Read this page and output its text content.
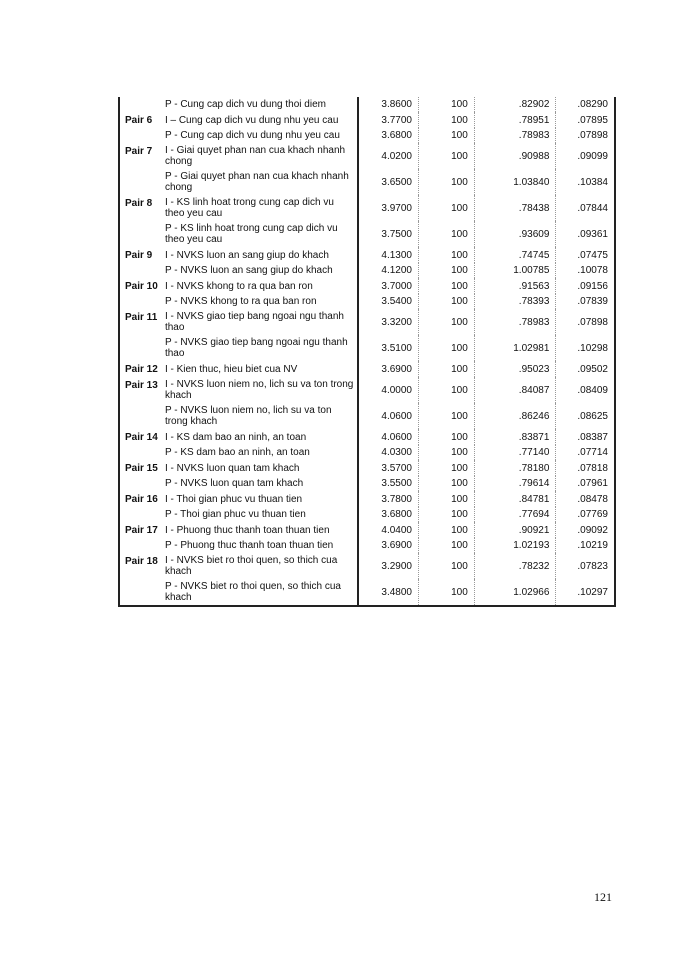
	P - Cung cap dich vu dung thoi diem	3.8600	100	.82902	.08290
Pair 6	I – Cung cap dich vu dung nhu yeu cau	3.7700	100	.78951	.07895
	P - Cung cap dich vu dung nhu yeu cau	3.6800	100	.78983	.07898
Pair 7	I - Giai quyet phan nan cua khach nhanh chong	4.0200	100	.90988	.09099
	P - Giai quyet phan nan cua khach nhanh chong	3.6500	100	1.03840	.10384
Pair 8	I - KS linh hoat trong cung cap dich vu theo yeu cau	3.9700	100	.78438	.07844
	P - KS linh hoat trong cung cap dich vu theo yeu cau	3.7500	100	.93609	.09361
Pair 9	I - NVKS luon an sang giup do khach	4.1300	100	.74745	.07475
	P - NVKS luon an sang giup do khach	4.1200	100	1.00785	.10078
Pair 10	I - NVKS khong to ra qua ban ron	3.7000	100	.91563	.09156
	P - NVKS khong to ra qua ban ron	3.5400	100	.78393	.07839
Pair 11	I - NVKS giao tiep bang ngoai ngu thanh thao	3.3200	100	.78983	.07898
	P - NVKS giao tiep bang ngoai ngu thanh thao	3.5100	100	1.02981	.10298
Pair 12	I - Kien thuc, hieu biet cua NV	3.6900	100	.95023	.09502
Pair 13	I - NVKS luon niem no, lich su va ton trong khach	4.0000	100	.84087	.08409
	P - NVKS luon niem no, lich su va ton trong khach	4.0600	100	.86246	.08625
Pair 14	I - KS dam bao an ninh, an toan	4.0600	100	.83871	.08387
	P - KS dam bao an ninh, an toan	4.0300	100	.77140	.07714
Pair 15	I - NVKS luon quan tam khach	3.5700	100	.78180	.07818
	P - NVKS luon quan tam khach	3.5500	100	.79614	.07961
Pair 16	I - Thoi gian phuc vu thuan tien	3.7800	100	.84781	.08478
	P - Thoi gian phuc vu thuan tien	3.6800	100	.77694	.07769
Pair 17	I - Phuong thuc thanh toan thuan tien	4.0400	100	.90921	.09092
	P - Phuong thuc thanh toan thuan tien	3.6900	100	1.02193	.10219
Pair 18	I - NVKS biet ro thoi quen, so thich cua khach	3.2900	100	.78232	.07823
	P - NVKS biet ro thoi quen, so thich cua khach	3.4800	100	1.02966	.10297
121
